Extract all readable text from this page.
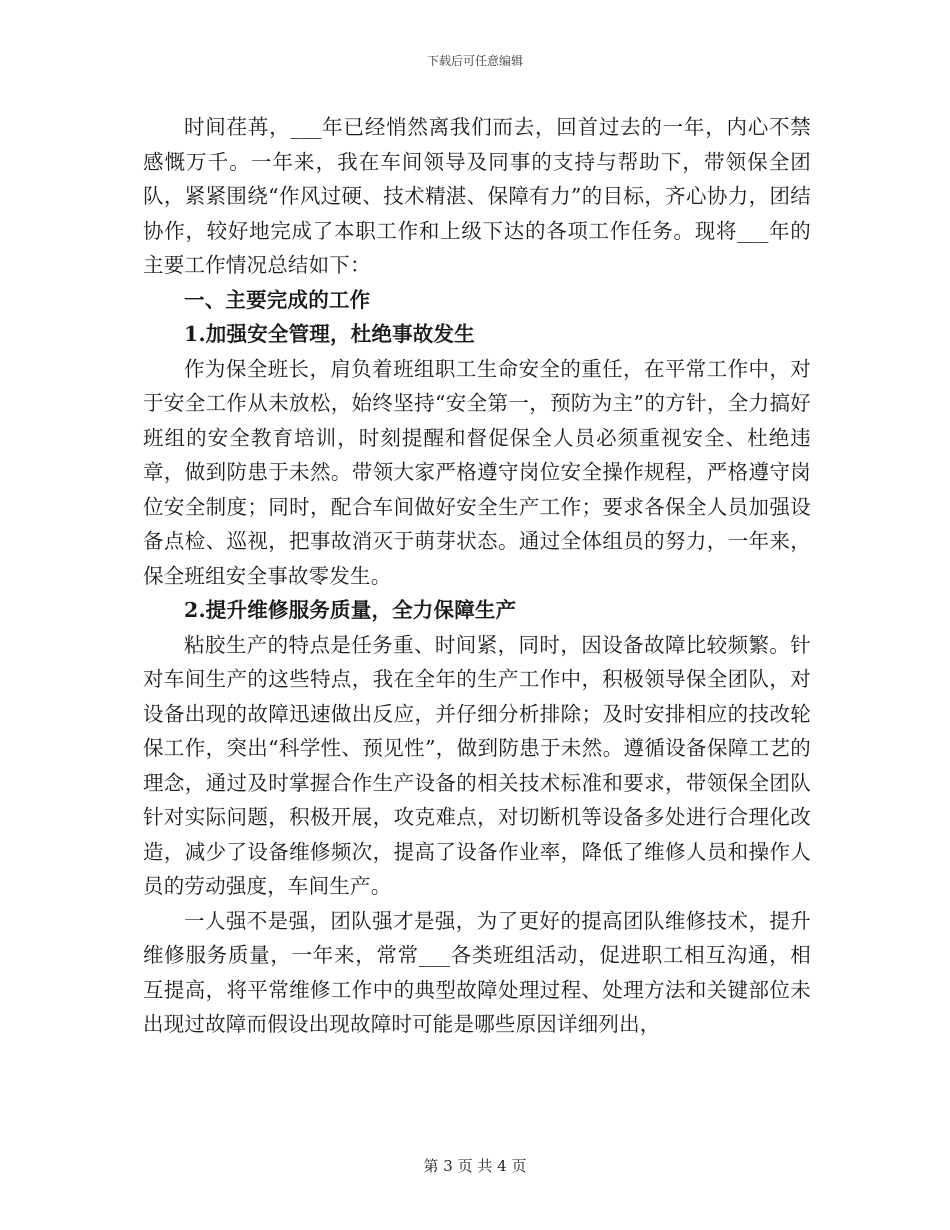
下载后可任意编辑

时间荏苒，___年已经悄然离我们而去，回首过去的一年，内心不禁感慨万千。一年来，我在车间领导及同事的支持与帮助下，带领保全团队，紧紧围绕“作风过硬、技术精湛、保障有力”的目标，齐心协力，团结协作，较好地完成了本职工作和上级下达的各项工作任务。现将___年的主要工作情况总结如下：

一、主要完成的工作
1.加强安全管理，杜绝事故发生

作为保全班长，肩负着班组职工生命安全的重任，在平常工作中，对于安全工作从未放松，始终坚持“安全第一，预防为主”的方针，全力搞好班组的安全教育培训，时刻提醒和督促保全人员必须重视安全、杜绝违章，做到防患于未然。带领大家严格遵守岗位安全操作规程，严格遵守岗位安全制度；同时，配合车间做好安全生产工作；要求各保全人员加强设备点检、巡视，把事故消灭于萌芽状态。通过全体组员的努力，一年来，保全班组安全事故零发生。

2.提升维修服务质量，全力保障生产

粘胶生产的特点是任务重、时间紧，同时，因设备故障比较频繁。针对车间生产的这些特点，我在全年的生产工作中，积极领导保全团队，对设备出现的故障迅速做出反应，并仔细分析排除；及时安排相应的技改轮保工作，突出“科学性、预见性”，做到防患于未然。遵循设备保障工艺的理念，通过及时掌握合作生产设备的相关技术标准和要求，带领保全团队针对实际问题，积极开展，攻克难点，对切断机等设备多处进行合理化改造，减少了设备维修频次，提高了设备作业率，降低了维修人员和操作人员的劳动强度，车间生产。

一人强不是强，团队强才是强，为了更好的提高团队维修技术，提升维修服务质量，一年来，常常___各类班组活动，促进职工相互沟通，相互提高，将平常维修工作中的典型故障处理过程、处理方法和关键部位未出现过故障而假设出现故障时可能是哪些原因详细列出，

第 3 页 共 4 页
